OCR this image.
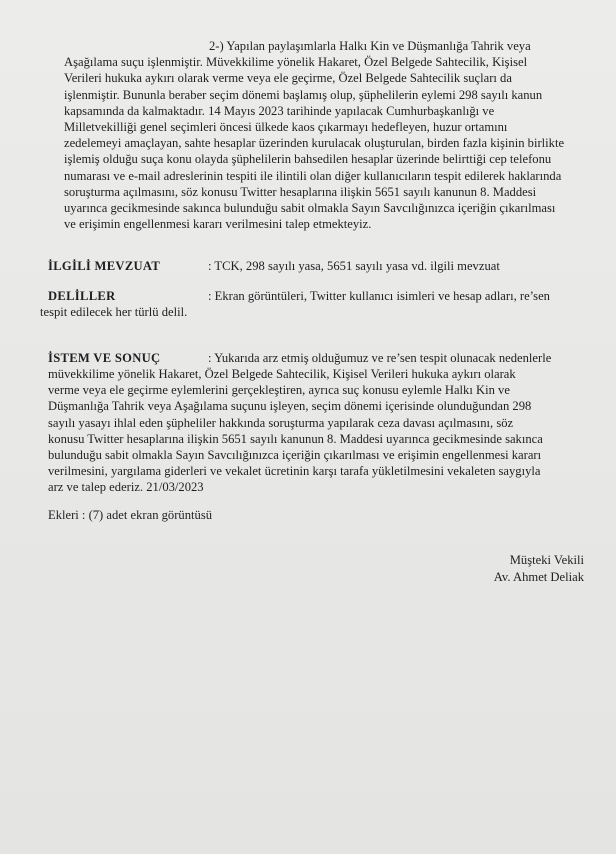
2-) Yapılan paylaşımlarla Halkı Kin ve Düşmanlığa Tahrik veya

Aşağılama suçu işlenmiştir. Müvekkilime yönelik Hakaret, Özel Belgede Sahtecilik, Kişisel

Verileri hukuka aykırı olarak verme veya ele geçirme, Özel Belgede Sahtecilik suçları da

işlenmiştir. Bununla beraber seçim dönemi başlamış olup, şüphelilerin eylemi 298 sayılı kanun

kapsamında da kalmaktadır. 14 Mayıs 2023 tarihinde yapılacak Cumhurbaşkanlığı ve

Milletvekilliği genel seçimleri öncesi ülkede kaos çıkarmayı hedefleyen, huzur ortamını

zedelemeyi amaçlayan, sahte hesaplar üzerinden kurulacak oluşturulan, birden fazla kişinin birlikte

işlemiş olduğu suça konu olayda şüphelilerin bahsedilen hesaplar üzerinde belirttiği cep telefonu

numarası ve e-mail adreslerinin tespiti ile ilintili olan diğer kullanıcıların tespit edilerek haklarında

soruşturma açılmasını, söz konusu Twitter hesaplarına ilişkin 5651 sayılı kanunun 8. Maddesi

uyarınca gecikmesinde sakınca bulunduğu sabit olmakla Sayın Savcılığınızca içeriğin çıkarılması

ve erişimin engellenmesi kararı verilmesini talep etmekteyiz.

İLGİLİ MEVZUAT	: TCK, 298 sayılı yasa, 5651 sayılı yasa vd. ilgili mevzuat
DELİLLER	: Ekran görüntüleri, Twitter kullanıcı isimleri ve hesap adları, re’sen
tespit edilecek her türlü delil.
İSTEM VE SONUÇ	: Yukarıda arz etmiş olduğumuz ve re’sen tespit olunacak nedenlerle
müvekkilime yönelik Hakaret, Özel Belgede Sahtecilik, Kişisel Verileri hukuka aykırı olarak
verme veya ele geçirme eylemlerini gerçekleştiren, ayrıca suç konusu eylemle Halkı Kin ve
Düşmanlığa Tahrik veya Aşağılama suçunu işleyen, seçim dönemi içerisinde olunduğundan 298
sayılı yasayı ihlal eden şüpheliler hakkında soruşturma yapılarak ceza davası açılmasını, söz
konusu Twitter hesaplarına ilişkin 5651 sayılı kanunun 8. Maddesi uyarınca gecikmesinde sakınca
bulunduğu sabit olmakla Sayın Savcılığınızca içeriğin çıkarılması ve erişimin engellenmesi kararı
verilmesini, yargılama giderleri ve vekalet ücretinin karşı tarafa yükletilmesini vekaleten saygıyla
arz ve talep ederiz. 21/03/2023
Ekleri : (7) adet ekran görüntüsü
Müşteki Vekili
Av. Ahmet Deliak
